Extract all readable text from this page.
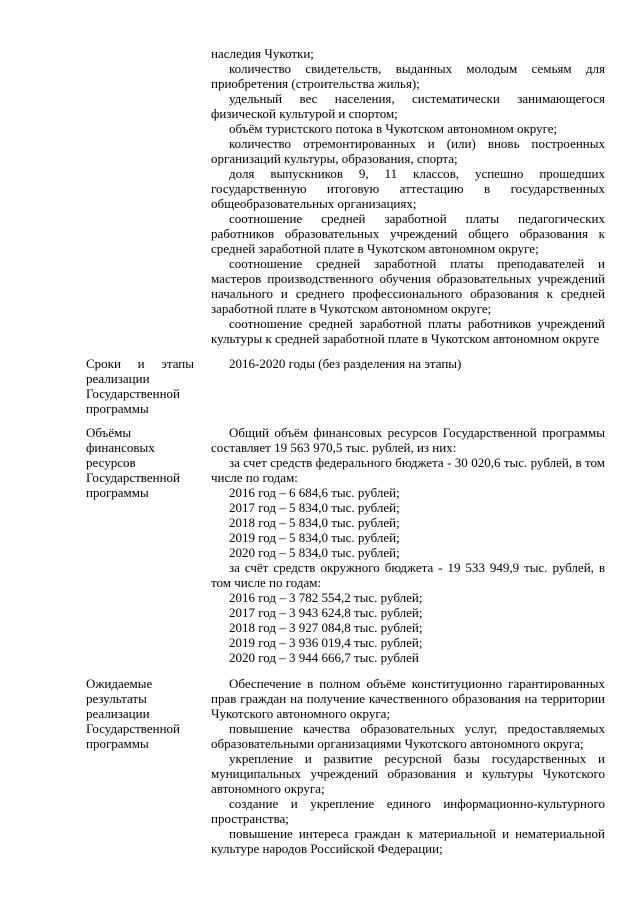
наследия Чукотки;

количество свидетельств, выданных молодым семьям для приобретения (строительства жилья);

удельный вес населения, систематически занимающегося физической культурой и спортом;

объём туристского потока в Чукотском автономном округе;

количество отремонтированных и (или) вновь построенных организаций культуры, образования, спорта;

доля выпускников 9, 11 классов, успешно прошедших государственную итоговую аттестацию в государственных общеобразовательных организациях;

соотношение средней заработной платы педагогических работников образовательных учреждений общего образования к средней заработной плате в Чукотском автономном округе;

соотношение средней заработной платы преподавателей и мастеров производственного обучения образовательных учреждений начального и среднего профессионального образования к средней заработной плате в Чукотском автономном округе;

соотношение средней заработной платы работников учреждений культуры к средней заработной плате в Чукотском автономном округе

Сроки и этапы
реализации
Государственной
программы

2016-2020 годы (без разделения на этапы)

Объёмы
финансовых
ресурсов
Государственной
программы

Общий объём финансовых ресурсов Государственной программы составляет 19 563 970,5 тыс. рублей, из них:

за счет средств федерального бюджета - 30 020,6 тыс. рублей, в том числе по годам:

2016 год – 6 684,6 тыс. рублей;

2017 год – 5 834,0 тыс. рублей;

2018 год – 5 834,0 тыс. рублей;

2019 год – 5 834,0 тыс. рублей;

2020 год – 5 834,0 тыс. рублей;

за счёт средств окружного бюджета - 19 533 949,9 тыс. рублей, в том числе по годам:

2016 год – 3 782 554,2 тыс. рублей;

2017 год – 3 943 624,8 тыс. рублей;

2018 год – 3 927 084,8 тыс. рублей;

2019 год – 3 936 019,4 тыс. рублей;

2020 год – 3 944 666,7 тыс. рублей

Ожидаемые
результаты
реализации
Государственной
программы

Обеспечение в полном объёме конституционно гарантированных прав граждан на получение качественного образования на территории Чукотского автономного округа;

повышение качества образовательных услуг, предоставляемых образовательными организациями Чукотского автономного округа;

укрепление и развитие ресурсной базы государственных и муниципальных учреждений образования и культуры Чукотского автономного округа;

создание и укрепление единого информационно-культурного пространства;

повышение интереса граждан к материальной и нематериальной культуре народов Российской Федерации;
